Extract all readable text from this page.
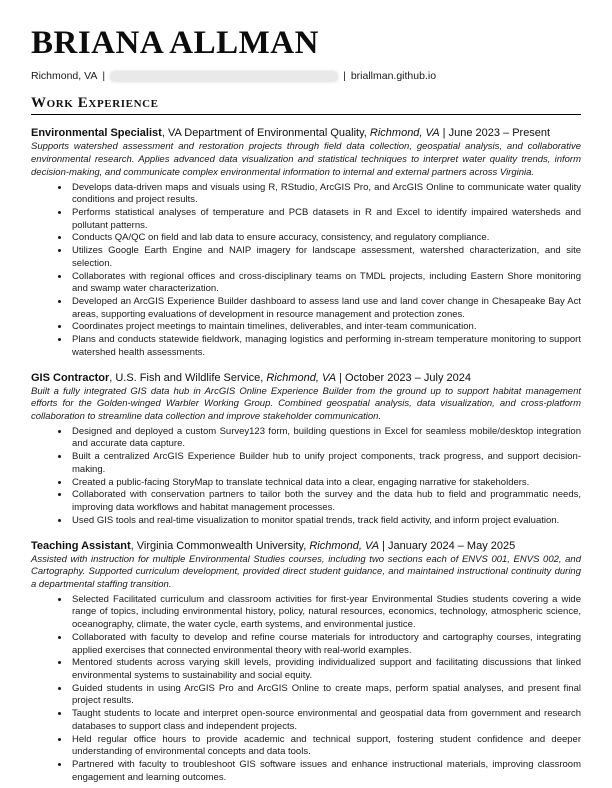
BRIANA ALLMAN
Richmond, VA |	| briallman.github.io
Work Experience
Environmental Specialist, VA Department of Environmental Quality, Richmond, VA | June 2023 – Present

Supports watershed assessment and restoration projects through field data collection, geospatial analysis, and collaborative environmental research. Applies advanced data visualization and statistical techniques to interpret water quality trends, inform decision-making, and communicate complex environmental information to internal and external partners across Virginia.

• Develops data-driven maps and visuals using R, RStudio, ArcGIS Pro, and ArcGIS Online to communicate water quality conditions and project results.
• Performs statistical analyses of temperature and PCB datasets in R and Excel to identify impaired watersheds and pollutant patterns.
• Conducts QA/QC on field and lab data to ensure accuracy, consistency, and regulatory compliance.
• Utilizes Google Earth Engine and NAIP imagery for landscape assessment, watershed characterization, and site selection.
• Collaborates with regional offices and cross-disciplinary teams on TMDL projects, including Eastern Shore monitoring and swamp water characterization.
• Developed an ArcGIS Experience Builder dashboard to assess land use and land cover change in Chesapeake Bay Act areas, supporting evaluations of development in resource management and protection zones.
• Coordinates project meetings to maintain timelines, deliverables, and inter-team communication.
• Plans and conducts statewide fieldwork, managing logistics and performing in-stream temperature monitoring to support watershed health assessments.
GIS Contractor, U.S. Fish and Wildlife Service, Richmond, VA | October 2023 – July 2024

Built a fully integrated GIS data hub in ArcGIS Online Experience Builder from the ground up to support habitat management efforts for the Golden-winged Warbler Working Group. Combined geospatial analysis, data visualization, and cross-platform collaboration to streamline data collection and improve stakeholder communication.

• Designed and deployed a custom Survey123 form, building questions in Excel for seamless mobile/desktop integration and accurate data capture.
• Built a centralized ArcGIS Experience Builder hub to unify project components, track progress, and support decision-making.
• Created a public-facing StoryMap to translate technical data into a clear, engaging narrative for stakeholders.
• Collaborated with conservation partners to tailor both the survey and the data hub to field and programmatic needs, improving data workflows and habitat management processes.
• Used GIS tools and real-time visualization to monitor spatial trends, track field activity, and inform project evaluation.
Teaching Assistant, Virginia Commonwealth University, Richmond, VA | January 2024 – May 2025

Assisted with instruction for multiple Environmental Studies courses, including two sections each of ENVS 001, ENVS 002, and Cartography. Supported curriculum development, provided direct student guidance, and maintained instructional continuity during a departmental staffing transition.

• Selected Facilitated curriculum and classroom activities for first-year Environmental Studies students covering a wide range of topics, including environmental history, policy, natural resources, economics, technology, atmospheric science, oceanography, climate, the water cycle, earth systems, and environmental justice.
• Collaborated with faculty to develop and refine course materials for introductory and cartography courses, integrating applied exercises that connected environmental theory with real-world examples.
• Mentored students across varying skill levels, providing individualized support and facilitating discussions that linked environmental systems to sustainability and social equity.
• Guided students in using ArcGIS Pro and ArcGIS Online to create maps, perform spatial analyses, and present final project results.
• Taught students to locate and interpret open-source environmental and geospatial data from government and research databases to support class and independent projects.
• Held regular office hours to provide academic and technical support, fostering student confidence and deeper understanding of environmental concepts and data tools.
• Partnered with faculty to troubleshoot GIS software issues and enhance instructional materials, improving classroom engagement and learning outcomes.
